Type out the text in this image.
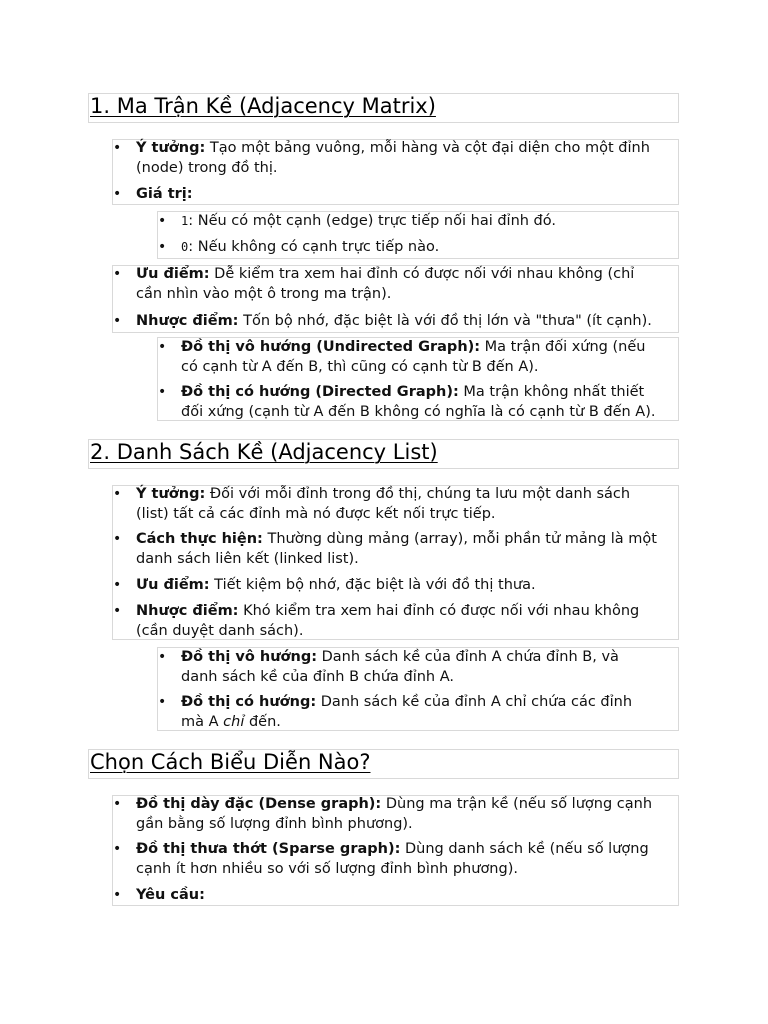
1. Ma Trận Kề (Adjacency Matrix)
• Ý tưởng: Tạo một bảng vuông, mỗi hàng và cột đại diện cho một đỉnh
(node) trong đồ thị.
• Giá trị:
• 1: Nếu có một cạnh (edge) trực tiếp nối hai đỉnh đó.
• 0: Nếu không có cạnh trực tiếp nào.
• Ưu điểm: Dễ kiểm tra xem hai đỉnh có được nối với nhau không (chỉ
cần nhìn vào một ô trong ma trận).
• Nhược điểm: Tốn bộ nhớ, đặc biệt là với đồ thị lớn và "thưa" (ít cạnh).
• Đồ thị vô hướng (Undirected Graph): Ma trận đối xứng (nếu
có cạnh từ A đến B, thì cũng có cạnh từ B đến A).
• Đồ thị có hướng (Directed Graph): Ma trận không nhất thiết
đối xứng (cạnh từ A đến B không có nghĩa là có cạnh từ B đến A).
2. Danh Sách Kề (Adjacency List)
• Ý tưởng: Đối với mỗi đỉnh trong đồ thị, chúng ta lưu một danh sách
(list) tất cả các đỉnh mà nó được kết nối trực tiếp.
• Cách thực hiện: Thường dùng mảng (array), mỗi phần tử mảng là một
danh sách liên kết (linked list).
• Ưu điểm: Tiết kiệm bộ nhớ, đặc biệt là với đồ thị thưa.
• Nhược điểm: Khó kiểm tra xem hai đỉnh có được nối với nhau không
(cần duyệt danh sách).
• Đồ thị vô hướng: Danh sách kề của đỉnh A chứa đỉnh B, và
danh sách kề của đỉnh B chứa đỉnh A.
• Đồ thị có hướng: Danh sách kề của đỉnh A chỉ chứa các đỉnh
mà A chỉ đến.
Chọn Cách Biểu Diễn Nào?
• Đồ thị dày đặc (Dense graph): Dùng ma trận kề (nếu số lượng cạnh
gần bằng số lượng đỉnh bình phương).
• Đồ thị thưa thớt (Sparse graph): Dùng danh sách kề (nếu số lượng
cạnh ít hơn nhiều so với số lượng đỉnh bình phương).
• Yêu cầu:
